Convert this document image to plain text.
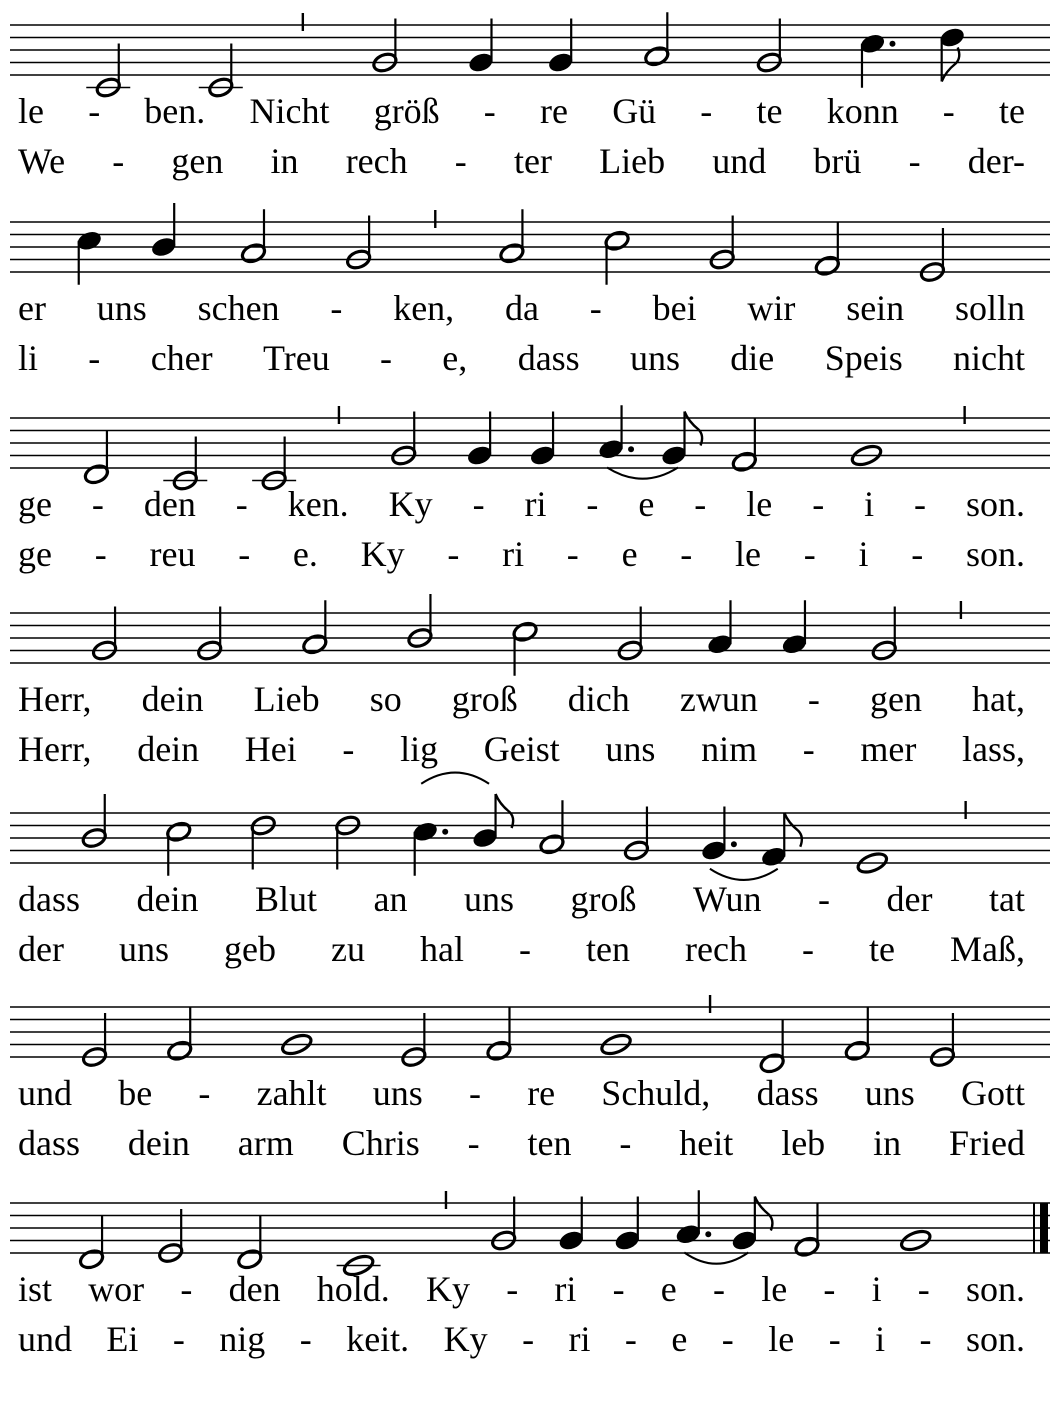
le - ben. Nicht größ - re Gü - te konn - te
We - gen in rech - ter Lieb und brü - der-
er uns schen - ken, da - bei wir sein solln
li - cher Treu - e, dass uns die Speis nicht
ge - den - ken. Ky - ri - e - le - i - son.
ge - reu - e. Ky - ri - e - le - i - son.
Herr, dein Lieb so groß dich zwun - gen hat,
Herr, dein Hei - lig Geist uns nim - mer lass,
dass dein Blut an uns groß Wun - der tat
der uns geb zu hal - ten rech - te Maß,
und be - zahlt uns - re Schuld, dass uns Gott
dass dein arm Chris - ten - heit leb in Fried
ist wor - den hold. Ky - ri - e - le - i - son.
und Ei - nig - keit. Ky - ri - e - le - i - son.
